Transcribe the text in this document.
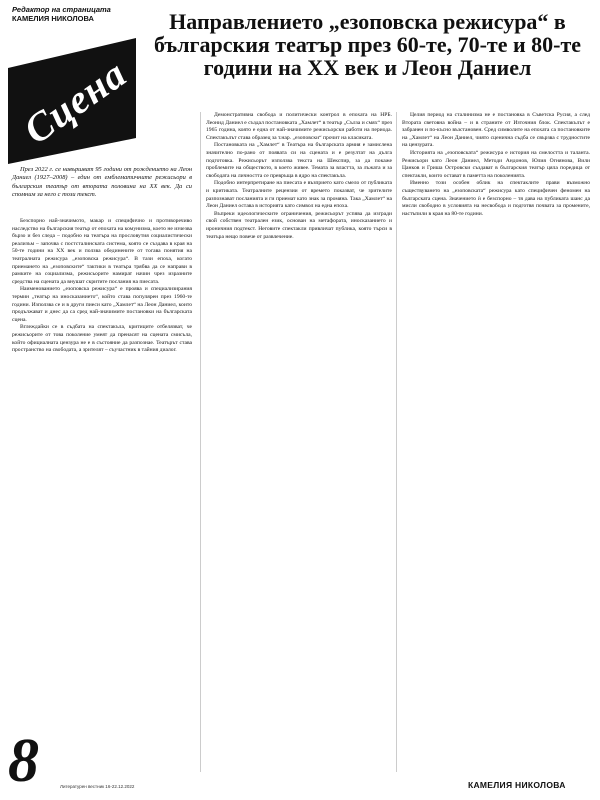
Редактор на страницата
КАМЕЛИЯ НИКОЛОВА
Сцена
Направлението „езоповска режисура“ в българския театър през 60-те, 70-те и 80-те години на ХХ век и Леон Даниел

През 2022 г. се навършват 95 години от рождението на Леон Даниел (1927–2008) – един от емблематичните режисьори в българския театър от втората половина на ХХ век. Да си спомним за него с този текст.

Безспорно най-значимото, макар и специфично и противоречиво наследство на българския театър от епохата на комунизма, което не изчезва бързо и без следа – подобно на театъра на прословутия социалистически реализъм – започва с постсталинската система, която се създава в края на 50-те години на ХХ век и ползва обединените от тогава понятия на театралната режисура „езоповска режисура“. В тази епоха, когато приемането на „езоповските“ тактики в театъра трябва да се направи в рамките на социализма, режисьорите намират начин чрез изразните средства на сцената да внушат скритите послания на пиесата.

Наименованието „езоповска режисура“ е проява и специализирания термин „театър на иносказанието“, който става популярен през 1960-те години. Използва се и в други пиеси като „Хамлет“ на Леон Даниел, които продължават и днес да са сред най-значимите постановки на българската сцена.

Вглеждайки се в съдбата на спектакъла, критиците отбелязват, че режисьорите от това поколение умеят да пренасят на сцената смисъла, който официалната цензура не е в състояние да разпознае. Театърът става пространство на свободата, а зрителят – съучастник в тайния диалог.

Демонстративна свобода и политически контрол в епохата на НРБ. Леонид Даниел е създал постановката „Хамлет“ в театър „Сълза и смях“ през 1965 година, която е една от най-значимите режисьорски работи на периода. Спектакълът става образец за т.нар. „езоповски“ прочит на класиката.

Постановката на „Хамлет“ в Театъра на българската армия е замислена значително по-рано от появата си на сцената и е резултат на дълга подготовка. Режисьорът използва текста на Шекспир, за да покаже проблемите на обществото, в което живее. Темата за властта, за лъжата и за свободата на личността се превръща в ядро на спектакъла.

Подобно интерпретиране на пиесата е възприето като смело от публиката и критиката. Театралните рецензии от времето показват, че зрителите разпознават посланията и ги приемат като знак за промяна. Така „Хамлет“ на Леон Даниел остава в историята като символ на една епоха.

Въпреки идеологическите ограничения, режисьорът успява да изгради свой собствен театрален език, основан на метафората, иносказанието и ироничния подтекст. Неговите спектакли привличат публика, която търси в театъра нещо повече от развлечение.

Целия период на сталинизма не е постановка в Съветска Русия, а след Втората световна война – и в страните от Източния блок. Спектакълът е забранен и по-късно възстановен. Сред символите на епохата са постановките на „Хамлет“ на Леон Даниел, чиято сценична съдба се свързва с трудностите на цензурата.

Историята на „езоповската“ режисура е история на смелостта и таланта. Режисьори като Леон Даниел, Методи Андонов, Юлия Огнянова, Вили Цанков и Гриша Островски създават в българския театър цяла поредица от спектакли, които остават в паметта на поколенията.

Именно този особен облик на спектаклите прави възможно съществуването на „езоповската“ режисура като специфичен феномен на българската сцена. Значението ѝ е безспорно – тя дава на публиката шанс да мисли свободно в условията на несвобода и подготвя почвата за промените, настъпили в края на 80-те години.

8	Литературен вестник 16-22.12.2022	КАМЕЛИЯ НИКОЛОВА
